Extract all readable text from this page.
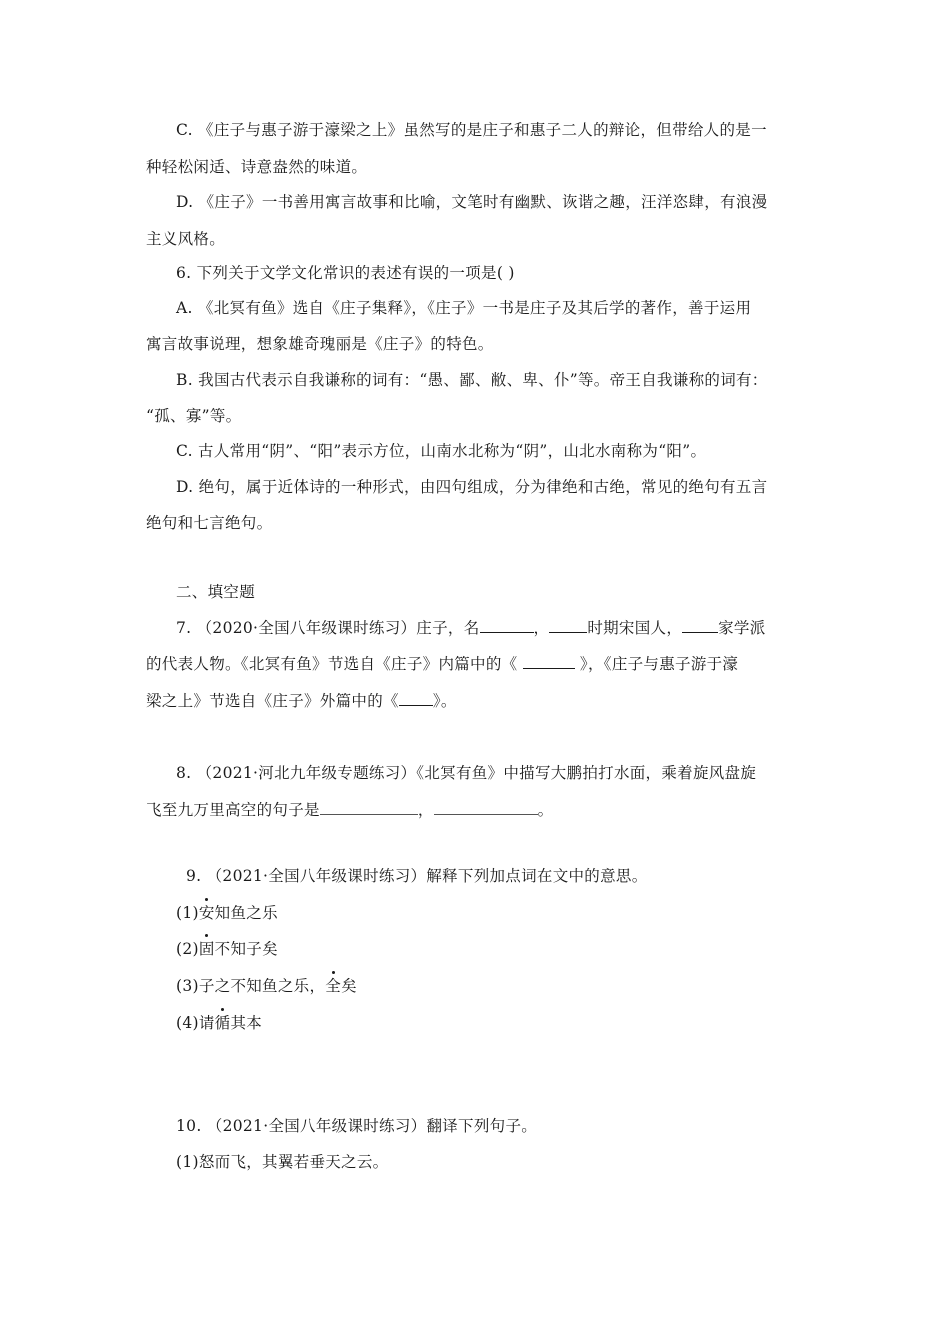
C. 《庄子与惠子游于濠梁之上》虽然写的是庄子和惠子二人的辩论，但带给人的是一
种轻松闲适、诗意盎然的味道。
D. 《庄子》一书善用寓言故事和比喻，文笔时有幽默、诙谐之趣，汪洋恣肆，有浪漫
主义风格。
6. 下列关于文学文化常识的表述有误的一项是( )
A. 《北冥有鱼》选自《庄子集释》，《庄子》一书是庄子及其后学的著作，善于运用
寓言故事说理，想象雄奇瑰丽是《庄子》的特色。
B. 我国古代表示自我谦称的词有：“愚、鄙、敝、卑、仆”等。帝王自我谦称的词有：
“孤、寡”等。
C. 古人常用“阴”、“阳”表示方位，山南水北称为“阴”，山北水南称为“阳”。
D. 绝句，属于近体诗的一种形式，由四句组成，分为律绝和古绝，常见的绝句有五言
绝句和七言绝句。
二、填空题
7. （2020·全国八年级课时练习）庄子，名	， 时期宋国人， 家学派
的代表人物。《北冥有鱼》节选自《庄子》内篇中的《	》，《庄子与惠子游于濠
梁之上》节选自《庄子》外篇中的《 》。
8. （2021·河北九年级专题练习）《北冥有鱼》中描写大鹏拍打水面，乘着旋风盘旋
飞至九万里高空的句子是	，	。
9. （2021·全国八年级课时练习）解释下列加点词在文中的意思。
(1)安知鱼之乐
(2)固不知子矣
(3)子之不知鱼之乐，全矣
(4)请循其本
10. （2021·全国八年级课时练习）翻译下列句子。
(1)怒而飞，其翼若垂天之云。
